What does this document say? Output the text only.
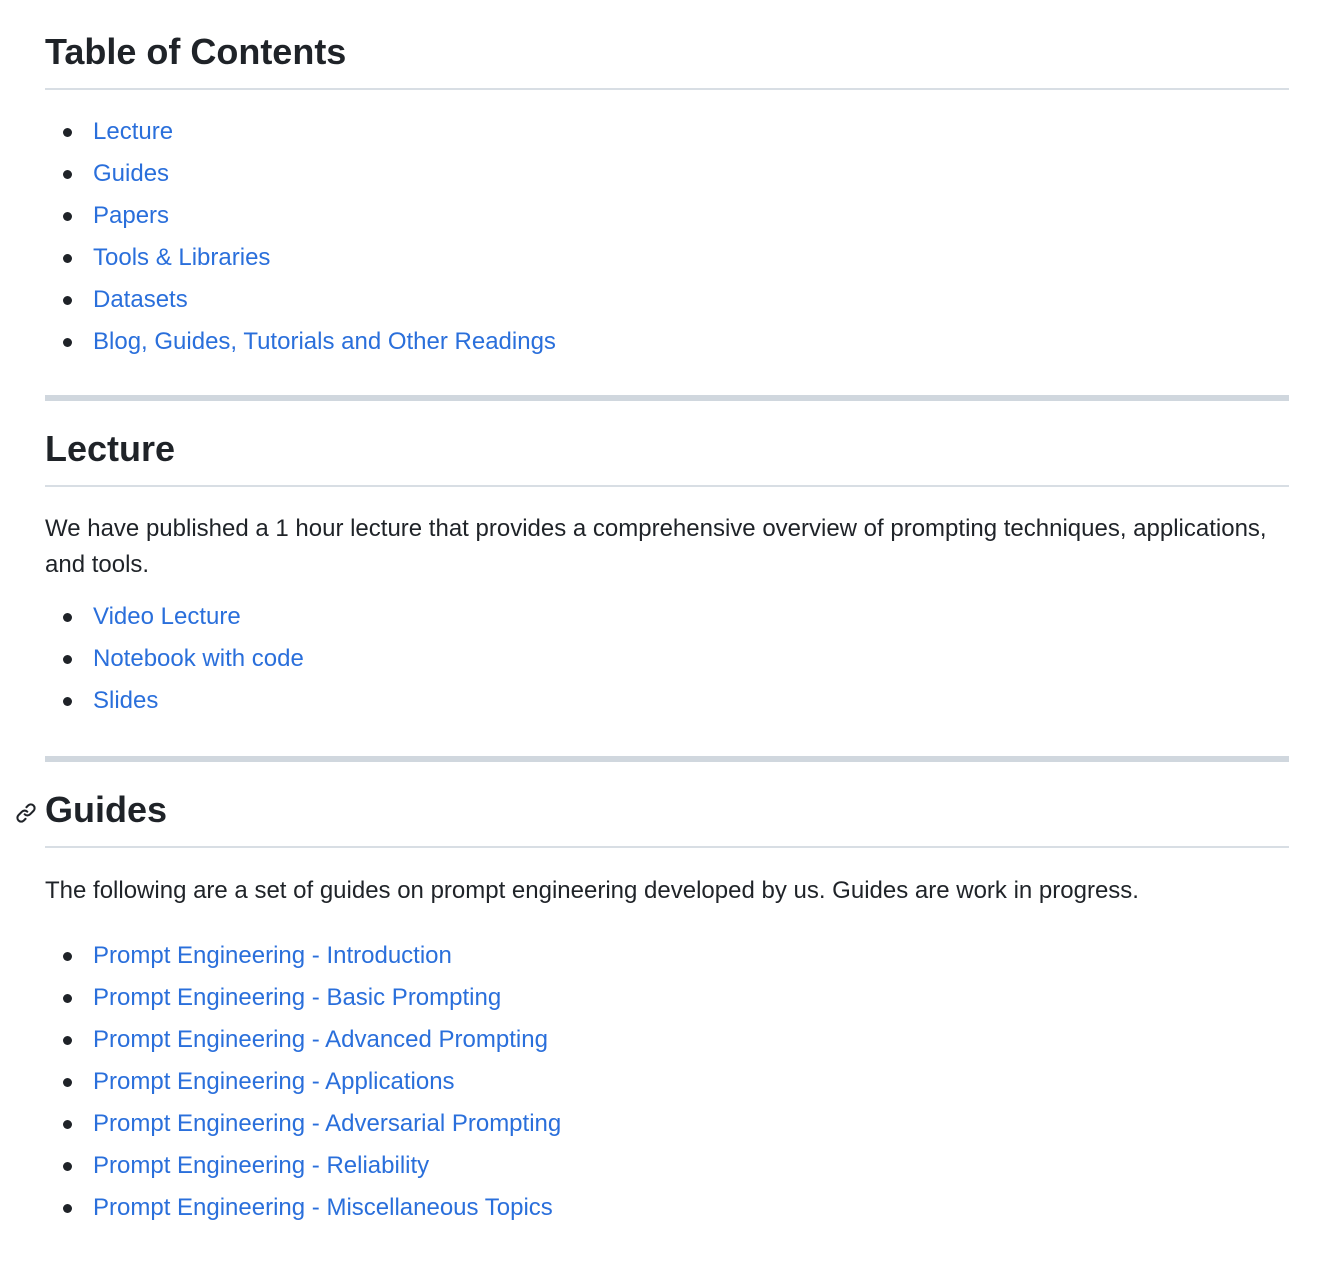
Table of Contents
Lecture
Guides
Papers
Tools & Libraries
Datasets
Blog, Guides, Tutorials and Other Readings
Lecture

We have published a 1 hour lecture that provides a comprehensive overview of prompting techniques, applications, and tools.

Video Lecture
Notebook with code
Slides
Guides

The following are a set of guides on prompt engineering developed by us. Guides are work in progress.

Prompt Engineering - Introduction
Prompt Engineering - Basic Prompting
Prompt Engineering - Advanced Prompting
Prompt Engineering - Applications
Prompt Engineering - Adversarial Prompting
Prompt Engineering - Reliability
Prompt Engineering - Miscellaneous Topics
